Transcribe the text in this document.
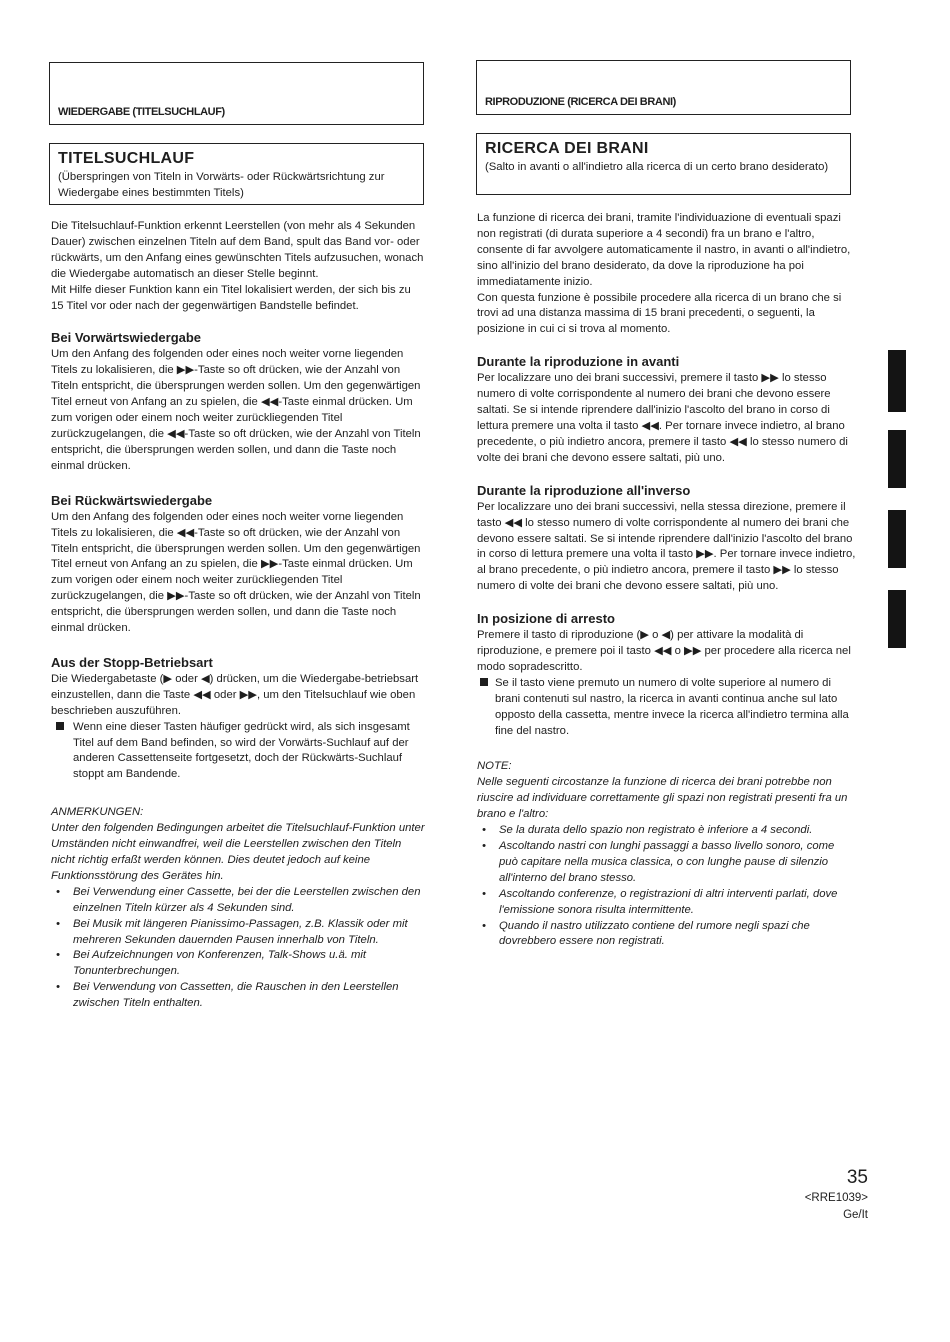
WIEDERGABE (TITELSUCHLAUF)
TITELSUCHLAUF

(Überspringen von Titeln in Vorwärts- oder Rückwärtsrichtung zur Wiedergabe eines bestimmten Titels)

Die Titelsuchlauf-Funktion erkennt Leerstellen (von mehr als 4 Sekunden Dauer) zwischen einzelnen Titeln auf dem Band, spult das Band vor- oder rückwärts, um den Anfang eines gewünschten Titels aufzusuchen, wonach die Wiedergabe automatisch an dieser Stelle beginnt.

Mit Hilfe dieser Funktion kann ein Titel lokalisiert werden, der sich bis zu 15 Titel vor oder nach der gegenwärtigen Bandstelle befindet.

Bei Vorwärtswiedergabe

Um den Anfang des folgenden oder eines noch weiter vorne liegenden Titels zu lokalisieren, die ▶▶-Taste so oft drücken, wie der Anzahl von Titeln entspricht, die übersprungen werden sollen. Um den gegenwärtigen Titel erneut von Anfang an zu spielen, die ◀◀-Taste einmal drücken. Um zum vorigen oder einem noch weiter zurückliegenden Titel zurückzugelangen, die ◀◀-Taste so oft drücken, wie der Anzahl von Titeln entspricht, die übersprungen werden sollen, und dann die Taste noch einmal drücken.

Bei Rückwärtswiedergabe

Um den Anfang des folgenden oder eines noch weiter vorne liegenden Titels zu lokalisieren, die ◀◀-Taste so oft drücken, wie der Anzahl von Titeln entspricht, die übersprungen werden sollen. Um den gegenwärtigen Titel erneut von Anfang an zu spielen, die ▶▶-Taste einmal drücken. Um zum vorigen oder einem noch weiter zurückliegenden Titel zurückzugelangen, die ▶▶-Taste so oft drücken, wie der Anzahl von Titeln entspricht, die übersprungen werden sollen, und dann die Taste noch einmal drücken.

Aus der Stopp-Betriebsart

Die Wiedergabetaste (▶ oder ◀) drücken, um die Wiedergabe-betriebsart einzustellen, dann die Taste ◀◀ oder ▶▶, um den Titelsuchlauf wie oben beschrieben auszuführen.

Wenn eine dieser Tasten häufiger gedrückt wird, als sich insgesamt Titel auf dem Band befinden, so wird der Vorwärts-Suchlauf auf der anderen Cassettenseite fortgesetzt, doch der Rückwärts-Suchlauf stoppt am Bandende.

ANMERKUNGEN:

Unter den folgenden Bedingungen arbeitet die Titelsuchlauf-Funktion unter Umständen nicht einwandfrei, weil die Leerstellen zwischen den Titeln nicht richtig erfaßt werden können. Dies deutet jedoch auf keine Funktionsstörung des Gerätes hin.

• Bei Verwendung einer Cassette, bei der die Leerstellen zwischen den einzelnen Titeln kürzer als 4 Sekunden sind.
• Bei Musik mit längeren Pianissimo-Passagen, z.B. Klassik oder mit mehreren Sekunden dauernden Pausen innerhalb von Titeln.
• Bei Aufzeichnungen von Konferenzen, Talk-Shows u.ä. mit Tonunterbrechungen.
• Bei Verwendung von Cassetten, die Rauschen in den Leerstellen zwischen Titeln enthalten.
RIPRODUZIONE (RICERCA DEI BRANI)
RICERCA DEI BRANI

(Salto in avanti o all'indietro alla ricerca di un certo brano desiderato)

La funzione di ricerca dei brani, tramite l'individuazione di eventuali spazi non registrati (di durata superiore a 4 secondi) fra un brano e l'altro, consente di far avvolgere automaticamente il nastro, in avanti o all'indietro, sino all'inizio del brano desiderato, da dove la riproduzione ha poi immediatamente inizio.

Con questa funzione è possibile procedere alla ricerca di un brano che si trovi ad una distanza massima di 15 brani precedenti, o seguenti, la posizione in cui ci si trova al momento.

Durante la riproduzione in avanti

Per localizzare uno dei brani successivi, premere il tasto ▶▶ lo stesso numero di volte corrispondente al numero dei brani che devono essere saltati. Se si intende riprendere dall'inizio l'ascolto del brano in corso di lettura premere una volta il tasto ◀◀. Per tornare invece indietro, al brano precedente, o più indietro ancora, premere il tasto ◀◀ lo stesso numero di volte dei brani che devono essere saltati, più uno.

Durante la riproduzione all'inverso

Per localizzare uno dei brani successivi, nella stessa direzione, premere il tasto ◀◀ lo stesso numero di volte corrispondente al numero dei brani che devono essere saltati. Se si intende riprendere dall'inizio l'ascolto del brano in corso di lettura premere una volta il tasto ▶▶. Per tornare invece indietro, al brano precedente, o più indietro ancora, premere il tasto ▶▶ lo stesso numero di volte dei brani che devono essere saltati, più uno.

In posizione di arresto

Premere il tasto di riproduzione (▶ o ◀) per attivare la modalità di riproduzione, e premere poi il tasto ◀◀ o ▶▶ per procedere alla ricerca nel modo sopradescritto.

Se il tasto viene premuto un numero di volte superiore al numero di brani contenuti sul nastro, la ricerca in avanti continua anche sul lato opposto della cassetta, mentre invece la ricerca all'indietro termina alla fine del nastro.

NOTE:

Nelle seguenti circostanze la funzione di ricerca dei brani potrebbe non riuscire ad individuare correttamente gli spazi non registrati presenti fra un brano e l'altro:

• Se la durata dello spazio non registrato è inferiore a 4 secondi.
• Ascoltando nastri con lunghi passaggi a basso livello sonoro, come può capitare nella musica classica, o con lunghe pause di silenzio all'interno del brano stesso.
• Ascoltando conferenze, o registrazioni di altri interventi parlati, dove l'emissione sonora risulta intermittente.
• Quando il nastro utilizzato contiene del rumore negli spazi che dovrebbero essere non registrati.
35
<RRE1039>
Ge/It
